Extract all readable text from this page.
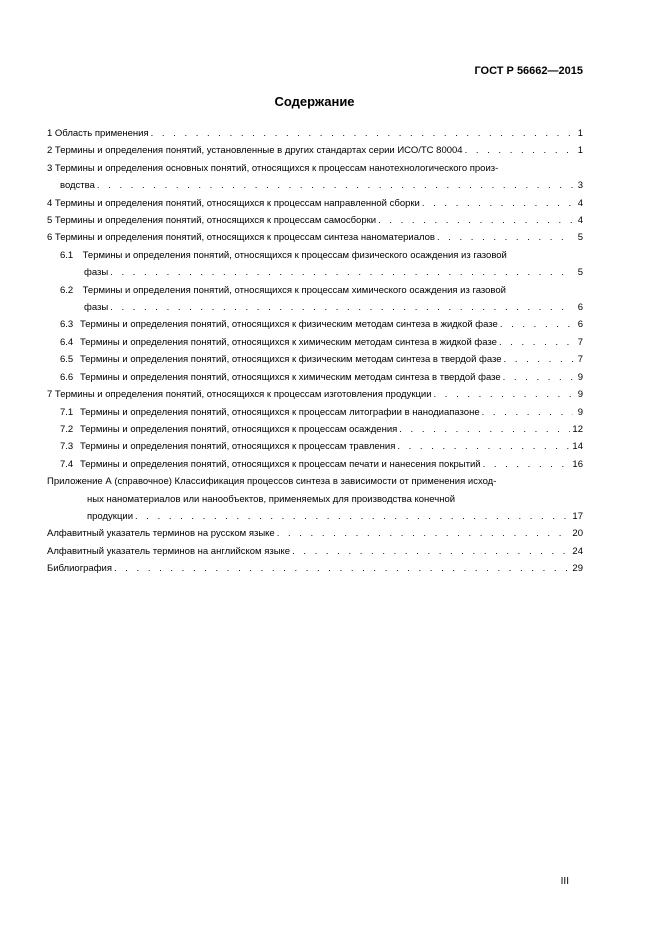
ГОСТ Р 56662—2015
Содержание
1 Область применения . . .	1
2 Термины и определения понятий, установленные в других стандартах серии ИСО/ТС 80004 . . .	1
3 Термины и определения основных понятий, относящихся к процессам нанотехнологического произ-
водства . . .	3
4 Термины и определения понятий, относящихся к процессам направленной сборки . . .	4
5 Термины и определения понятий, относящихся к процессам самосборки . . .	4
6 Термины и определения понятий, относящихся к процессам синтеза наноматериалов . . .	5
6.1 Термины и определения понятий, относящихся к процессам физического осаждения из газовой
фазы . . .	5
6.2 Термины и определения понятий, относящихся к процессам химического осаждения из газовой
фазы . . .	6
6.3 Термины и определения понятий, относящихся к физическим методам синтеза в жидкой фазе . . .	6
6.4 Термины и определения понятий, относящихся к химическим методам синтеза в жидкой фазе . . .	7
6.5 Термины и определения понятий, относящихся к физическим методам синтеза в твердой фазе . . .	7
6.6 Термины и определения понятий, относящихся к химическим методам синтеза в твердой фазе . . .	9
7 Термины и определения понятий, относящихся к процессам изготовления продукции . . .	9
7.1 Термины и определения понятий, относящихся к процессам литографии в нанодиапазоне . . .	9
7.2 Термины и определения понятий, относящихся к процессам осаждения . . .	12
7.3 Термины и определения понятий, относящихся к процессам травления . . .	14
7.4 Термины и определения понятий, относящихся к процессам печати и нанесения покрытий . . .	16
Приложение А (справочное) Классификация процессов синтеза в зависимости от применения исход-
ных наноматериалов или нанообъектов, применяемых для производства конечной
продукции . . .	17
Алфавитный указатель терминов на русском языке . . .	20
Алфавитный указатель терминов на английском языке . . .	24
Библиография . . .	29
III
